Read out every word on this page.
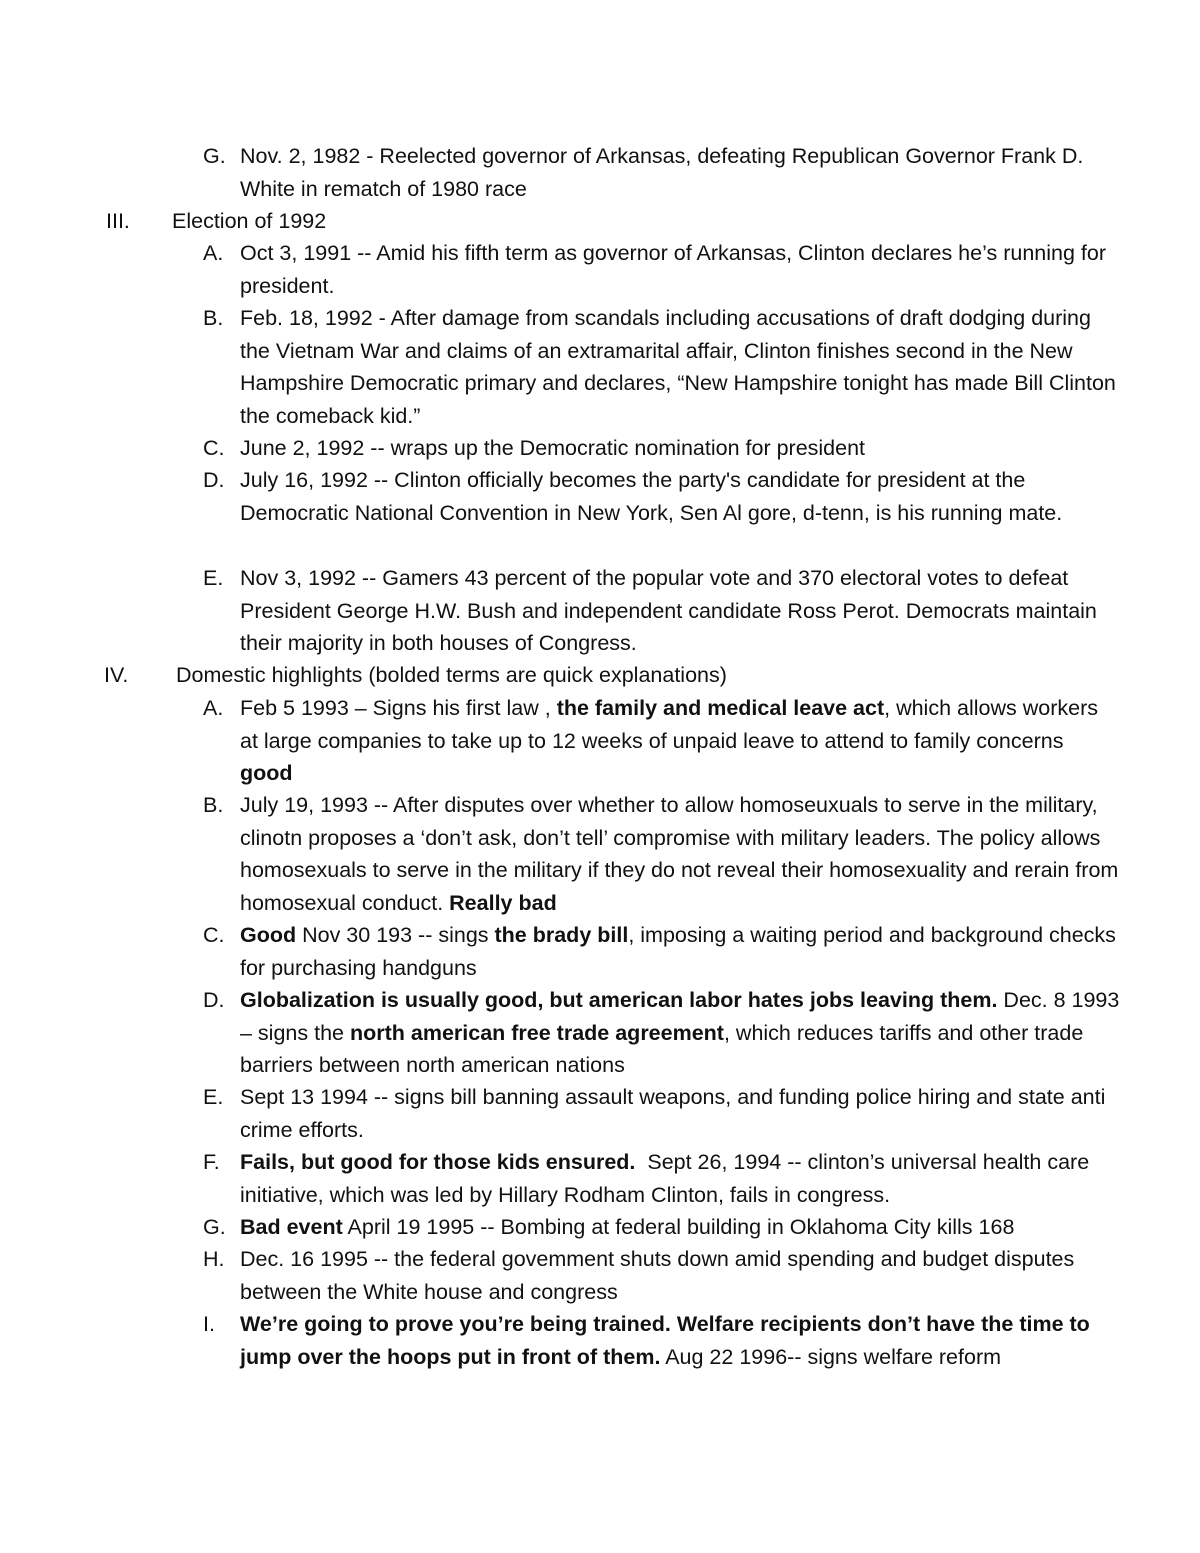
G. Nov. 2, 1982 - Reelected governor of Arkansas, defeating Republican Governor Frank D. White in rematch of 1980 race
III. Election of 1992
A. Oct 3, 1991 -- Amid his fifth term as governor of Arkansas, Clinton declares he’s running for president.
B. Feb. 18, 1992 - After damage from scandals including accusations of draft dodging during the Vietnam War and claims of an extramarital affair, Clinton finishes second in the New Hampshire Democratic primary and declares, “New Hampshire tonight has made Bill Clinton the comeback kid.”
C. June 2, 1992 -- wraps up the Democratic nomination for president
D. July 16, 1992 -- Clinton officially becomes the party's candidate for president at the Democratic National Convention in New York, Sen Al gore, d-tenn, is his running mate.
E. Nov 3, 1992 -- Gamers 43 percent of the popular vote and 370 electoral votes to defeat President George H.W. Bush and independent candidate Ross Perot. Democrats maintain their majority in both houses of Congress.
IV. Domestic highlights (bolded terms are quick explanations)
A. Feb 5 1993 – Signs his first law , the family and medical leave act, which allows workers at large companies to take up to 12 weeks of unpaid leave to attend to family concerns good
B. July 19, 1993 -- After disputes over whether to allow homoseuxuals to serve in the military, clinotn proposes a ‘don’t ask, don’t tell’ compromise with military leaders. The policy allows homosexuals to serve in the military if they do not reveal their homosexuality and rerain from homosexual conduct. Really bad
C. Good Nov 30 193 -- sings the brady bill, imposing a waiting period and background checks for purchasing handguns
D. Globalization is usually good, but american labor hates jobs leaving them. Dec. 8 1993 – signs the north american free trade agreement, which reduces tariffs and other trade barriers between north american nations
E. Sept 13 1994 -- signs bill banning assault weapons, and funding police hiring and state anti crime efforts.
F. Fails, but good for those kids ensured.  Sept 26, 1994 -- clinton’s universal health care initiative, which was led by Hillary Rodham Clinton, fails in congress.
G. Bad event April 19 1995 -- Bombing at federal building in Oklahoma City kills 168
H. Dec. 16 1995 -- the federal govemment shuts down amid spending and budget disputes between the White house and congress
I. We’re going to prove you’re being trained. Welfare recipients don’t have the time to jump over the hoops put in front of them. Aug 22 1996-- signs welfare reform
